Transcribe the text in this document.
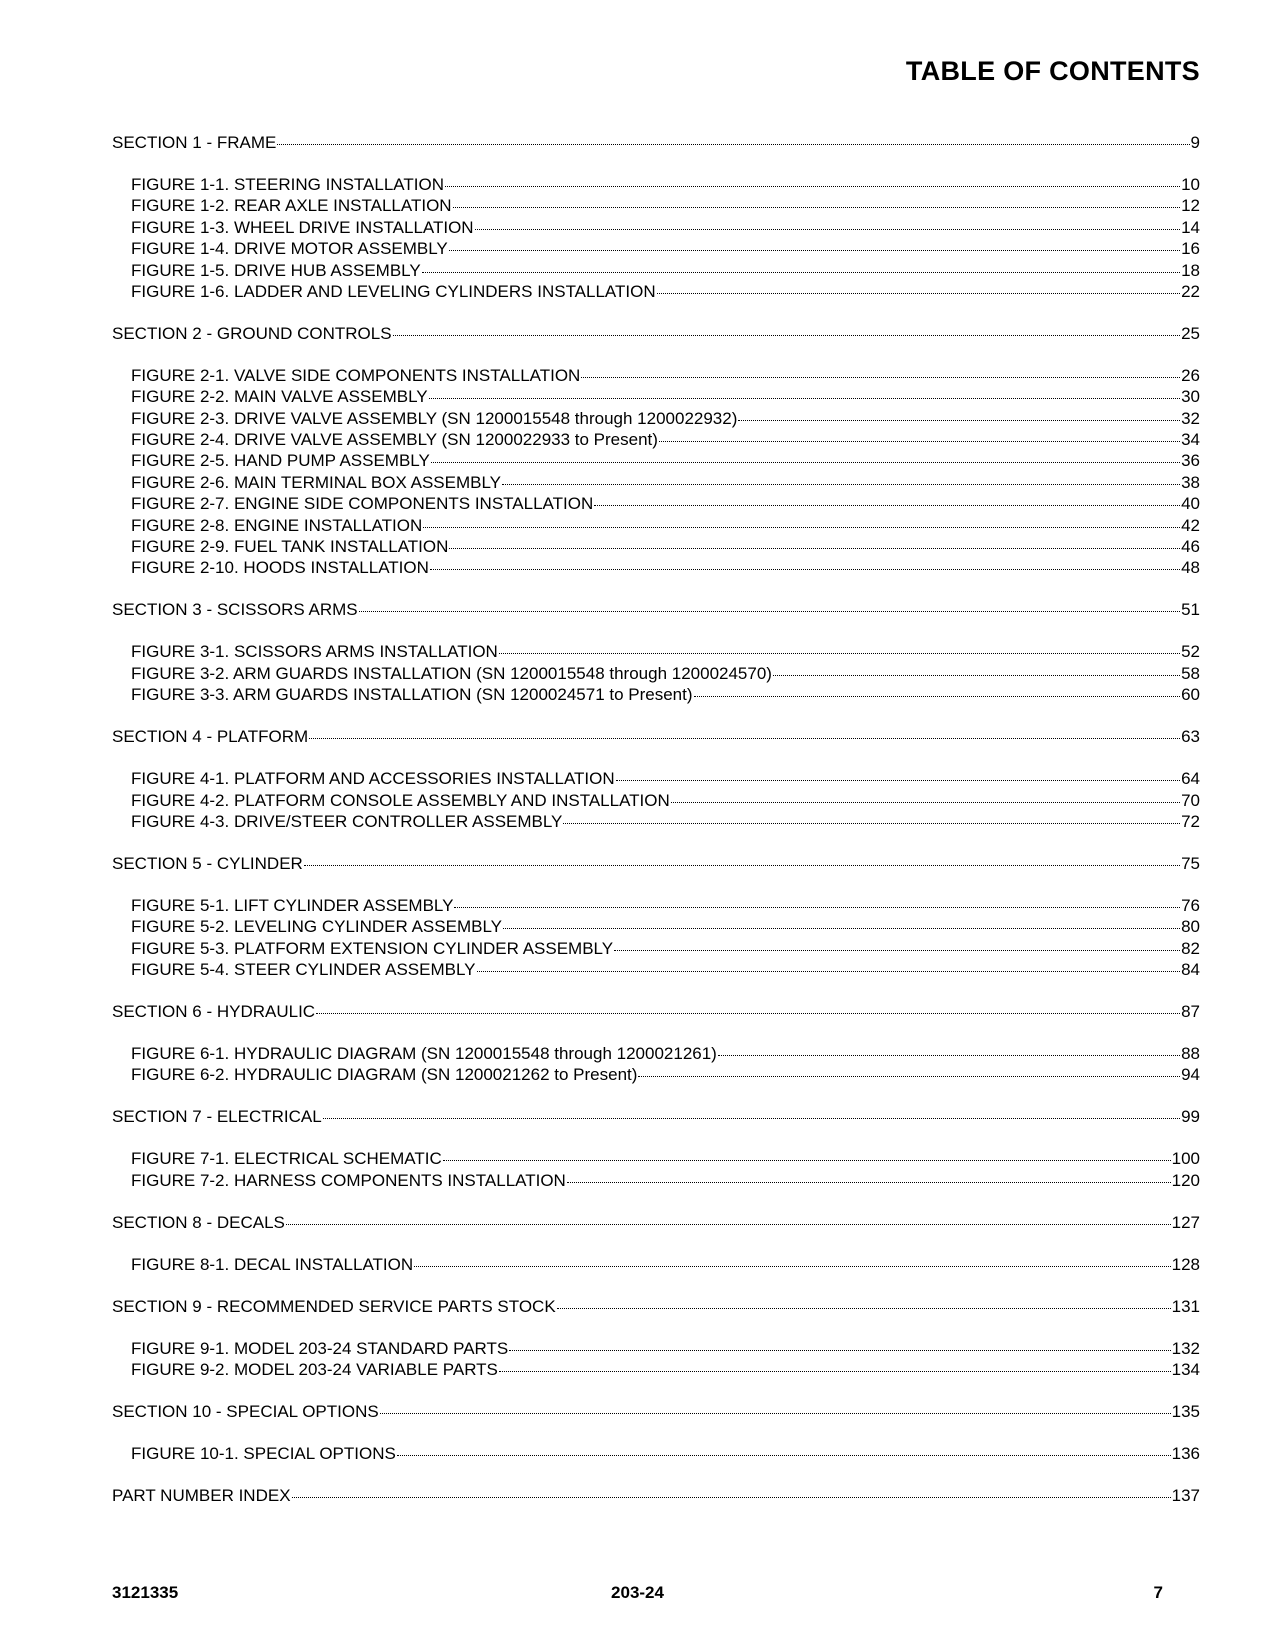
TABLE OF CONTENTS
SECTION 1 - FRAME	9
FIGURE 1-1. STEERING INSTALLATION	10
FIGURE 1-2. REAR AXLE INSTALLATION	12
FIGURE 1-3. WHEEL DRIVE INSTALLATION	14
FIGURE 1-4. DRIVE MOTOR ASSEMBLY	16
FIGURE 1-5. DRIVE HUB ASSEMBLY	18
FIGURE 1-6. LADDER AND LEVELING CYLINDERS INSTALLATION	22
SECTION 2 - GROUND CONTROLS	25
FIGURE 2-1. VALVE SIDE COMPONENTS INSTALLATION	26
FIGURE 2-2. MAIN VALVE ASSEMBLY	30
FIGURE 2-3. DRIVE VALVE ASSEMBLY (SN 1200015548 through 1200022932)	32
FIGURE 2-4. DRIVE VALVE ASSEMBLY (SN 1200022933 to Present)	34
FIGURE 2-5. HAND PUMP ASSEMBLY	36
FIGURE 2-6. MAIN TERMINAL BOX ASSEMBLY	38
FIGURE 2-7. ENGINE SIDE COMPONENTS INSTALLATION	40
FIGURE 2-8. ENGINE INSTALLATION	42
FIGURE 2-9. FUEL TANK INSTALLATION	46
FIGURE 2-10. HOODS INSTALLATION	48
SECTION 3 - SCISSORS ARMS	51
FIGURE 3-1. SCISSORS ARMS INSTALLATION	52
FIGURE 3-2. ARM GUARDS INSTALLATION (SN 1200015548 through 1200024570)	58
FIGURE 3-3. ARM GUARDS INSTALLATION (SN 1200024571 to Present)	60
SECTION 4 - PLATFORM	63
FIGURE 4-1. PLATFORM AND ACCESSORIES INSTALLATION	64
FIGURE 4-2. PLATFORM CONSOLE ASSEMBLY AND INSTALLATION	70
FIGURE 4-3. DRIVE/STEER CONTROLLER ASSEMBLY	72
SECTION 5 - CYLINDER	75
FIGURE 5-1. LIFT CYLINDER ASSEMBLY	76
FIGURE 5-2. LEVELING CYLINDER ASSEMBLY	80
FIGURE 5-3. PLATFORM EXTENSION CYLINDER ASSEMBLY	82
FIGURE 5-4. STEER CYLINDER ASSEMBLY	84
SECTION 6 - HYDRAULIC	87
FIGURE 6-1. HYDRAULIC DIAGRAM (SN 1200015548 through 1200021261)	88
FIGURE 6-2. HYDRAULIC DIAGRAM (SN 1200021262 to Present)	94
SECTION 7 - ELECTRICAL	99
FIGURE 7-1. ELECTRICAL SCHEMATIC	100
FIGURE 7-2. HARNESS COMPONENTS INSTALLATION	120
SECTION 8 - DECALS	127
FIGURE 8-1. DECAL INSTALLATION	128
SECTION 9 - RECOMMENDED SERVICE PARTS STOCK	131
FIGURE 9-1. MODEL 203-24 STANDARD PARTS	132
FIGURE 9-2. MODEL 203-24 VARIABLE PARTS	134
SECTION 10 - SPECIAL OPTIONS	135
FIGURE 10-1. SPECIAL OPTIONS	136
PART NUMBER INDEX	137
3121335	203-24	7
